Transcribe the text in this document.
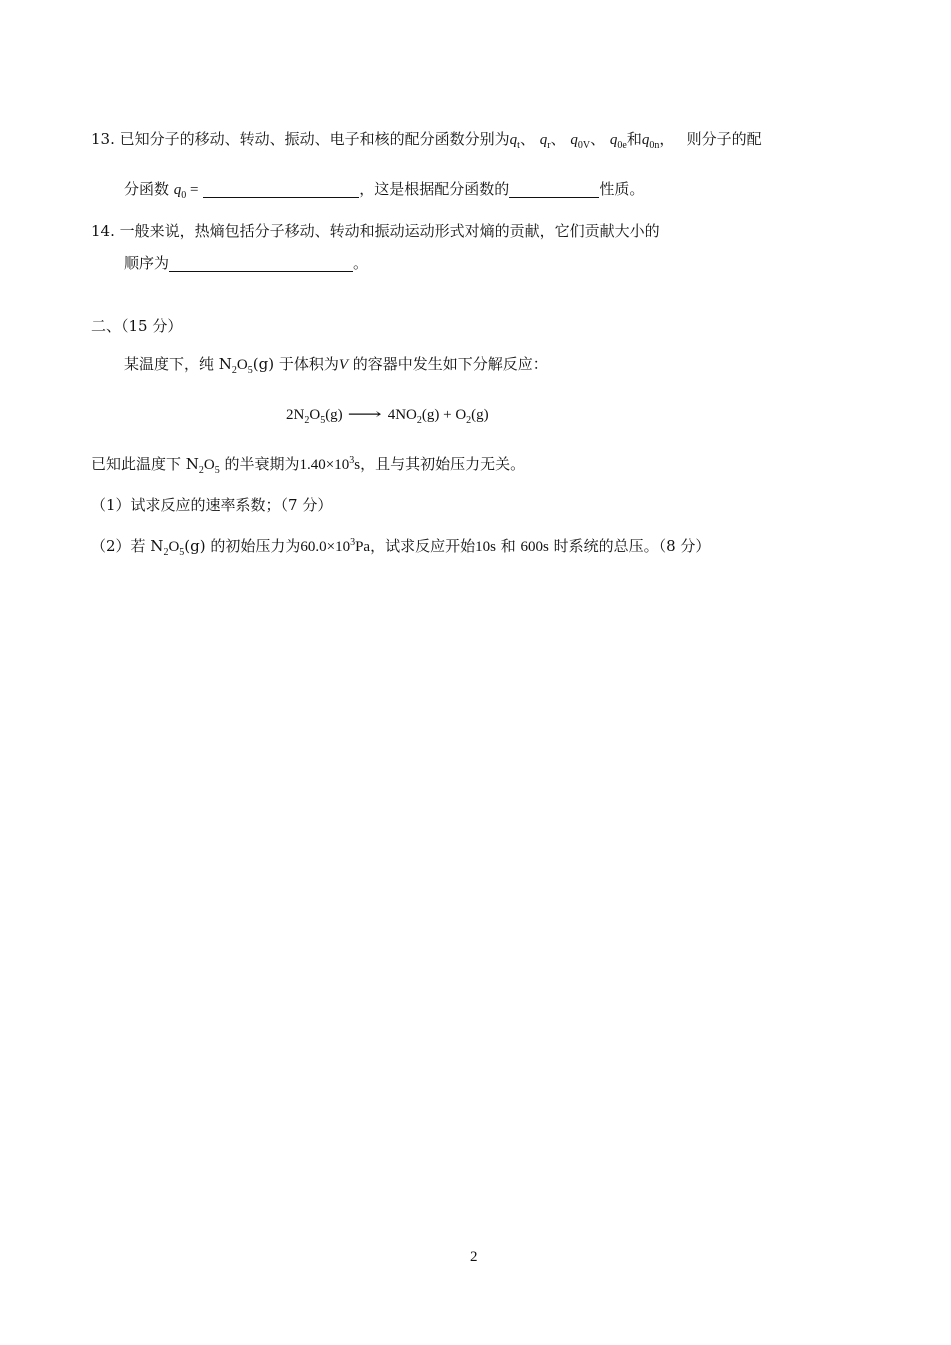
13. 已知分子的移动、转动、振动、电子和核的配分函数分别为$q_t$、 $q_r$、 $q_{0V}$、 $q_{0e}$和$q_{0n}$，　 则分子的配
分函数 $q_0$ =	，这是根据配分函数的	性质。
14. 一般来说，热熵包括分子移动、转动和振动运动形式对熵的贡献，它们贡献大小的
顺序为	。
二、（15 分）
某温度下，纯 $N_2O_5(g)$ 于体积为V 的容器中发生如下分解反应：
$2N_2O_5(g)$ ⟶ $4NO_2(g) + O_2(g)$
已知此温度下 $N_2O_5$ 的半衰期为$1.40\times 10^3s$，且与其初始压力无关。
（1）试求反应的速率系数；（7 分）
（2）若 $N_2O_5(g)$ 的初始压力为$60.0\times 10^3Pa$，试求反应开始10s 和 600s 时系统的总压。（8 分）
2
